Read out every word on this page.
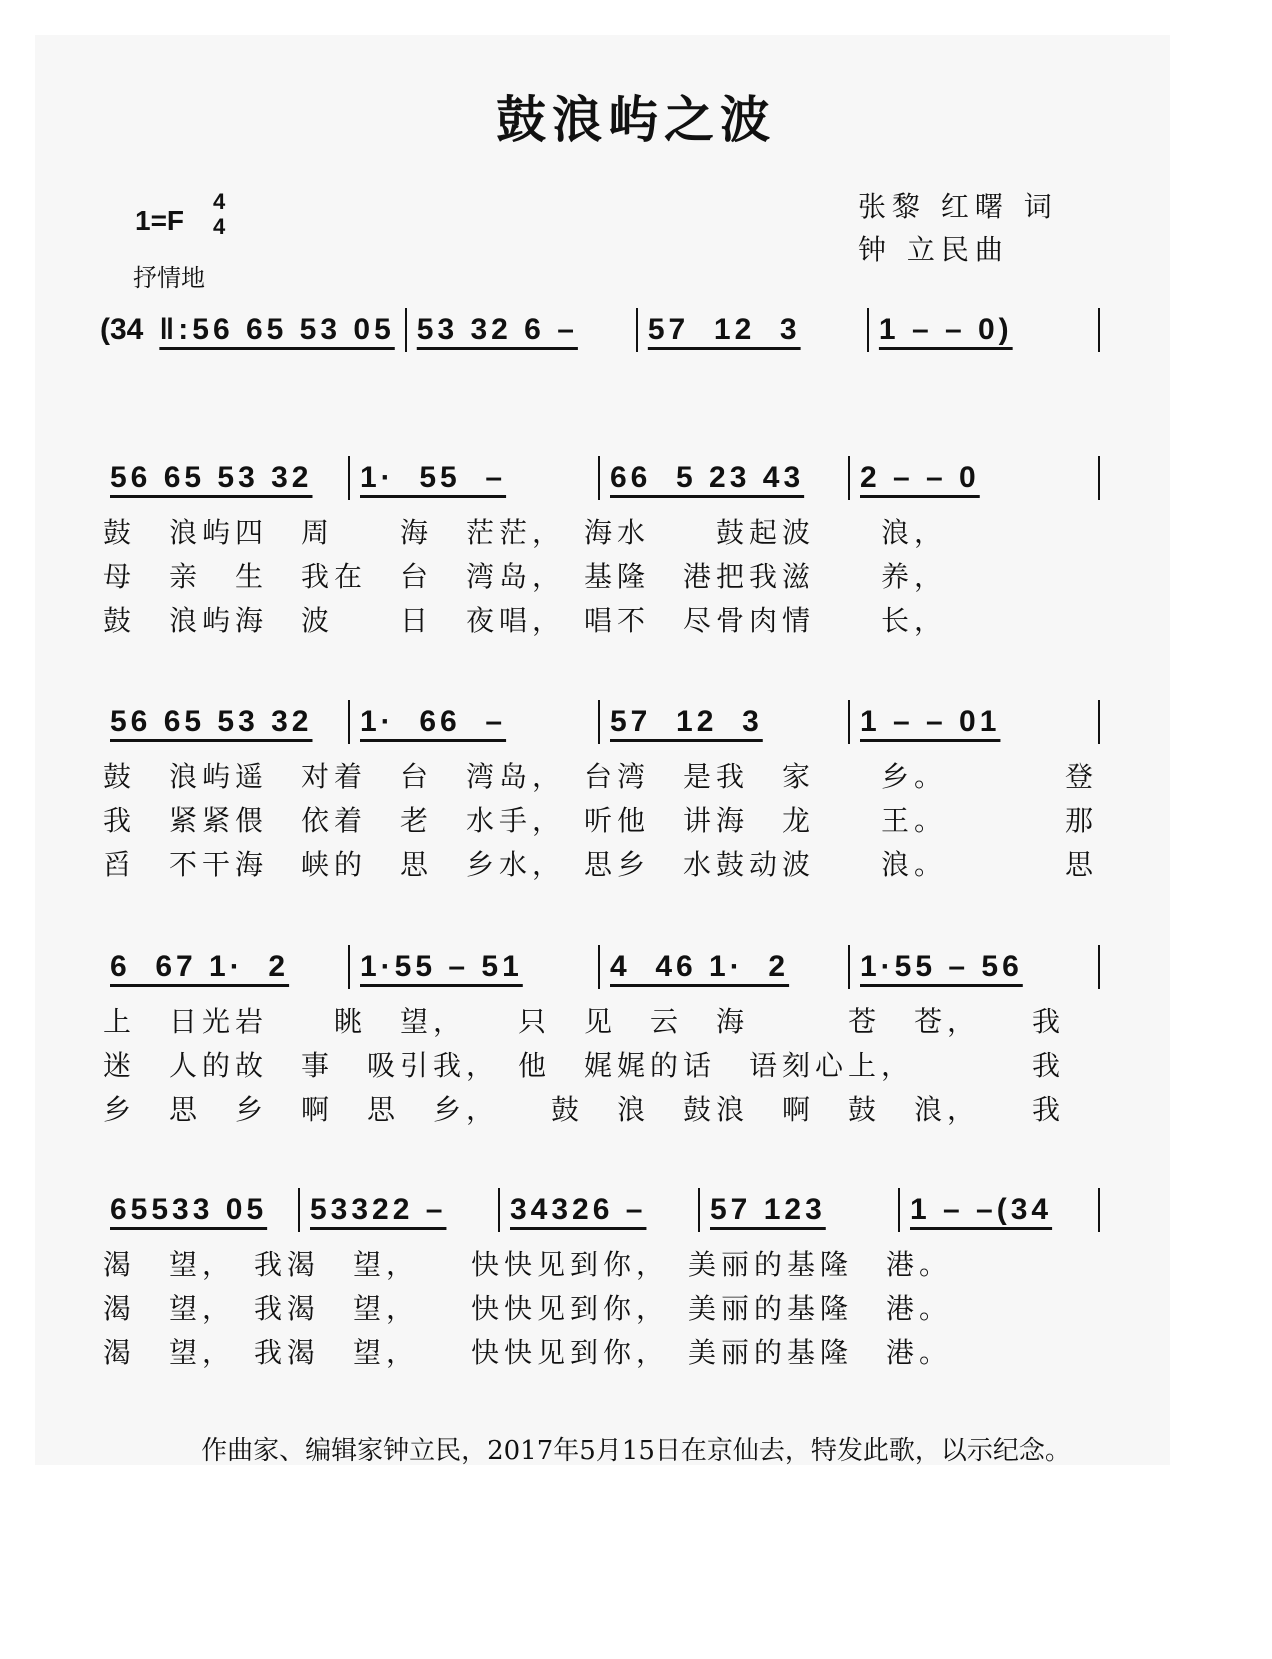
鼓浪屿之波
1=F
4
4
抒情地
张黎 红曙 词
钟 立民曲
(34 ‖:56 65 53 05 53 32 6 –	57  12  3	1 – – 0)
56 65 53 32	1·  55  –	66  5 23 43	2 – – 0
鼓　浪屿四　周　　海　茫茫，　海水　　鼓起波　　浪，
母　亲　生　我在　台　湾岛，　基隆　港把我滋　　养，
鼓　浪屿海　波　　日　夜唱，　唱不　尽骨肉情　　长，
56 65 53 32	1·  66  –	57  12  3	1 – – 01
鼓　浪屿遥　对着　台　湾岛，　台湾　是我　家　　乡。　　　　登
我　紧紧偎　依着　老　水手，　听他　讲海　龙　　王。　　　　那
舀　不干海　峡的　思　乡水，　思乡　水鼓动波　　浪。　　　　思
6  67 1·  2	1·55 – 51	4  46 1·  2	1·55 – 56
上　日光岩　　眺　望，　　只　见　云　海　　　苍　苍，　　我
迷　人的故　事　吸引我，　他　娓娓的话　语刻心上，　　　　我
乡　思　乡　啊　思　乡，　　鼓　浪　鼓浪　啊　鼓　浪，　　我
65533 05	53322 –	34326 –	57 123	1 – –(34
渴　望，　我渴　望，　　快快见到你，　美丽的基隆　港。
渴　望，　我渴　望，　　快快见到你，　美丽的基隆　港。
渴　望，　我渴　望，　　快快见到你，　美丽的基隆　港。
作曲家、编辑家钟立民，2017年5月15日在京仙去，特发此歌，以示纪念。
